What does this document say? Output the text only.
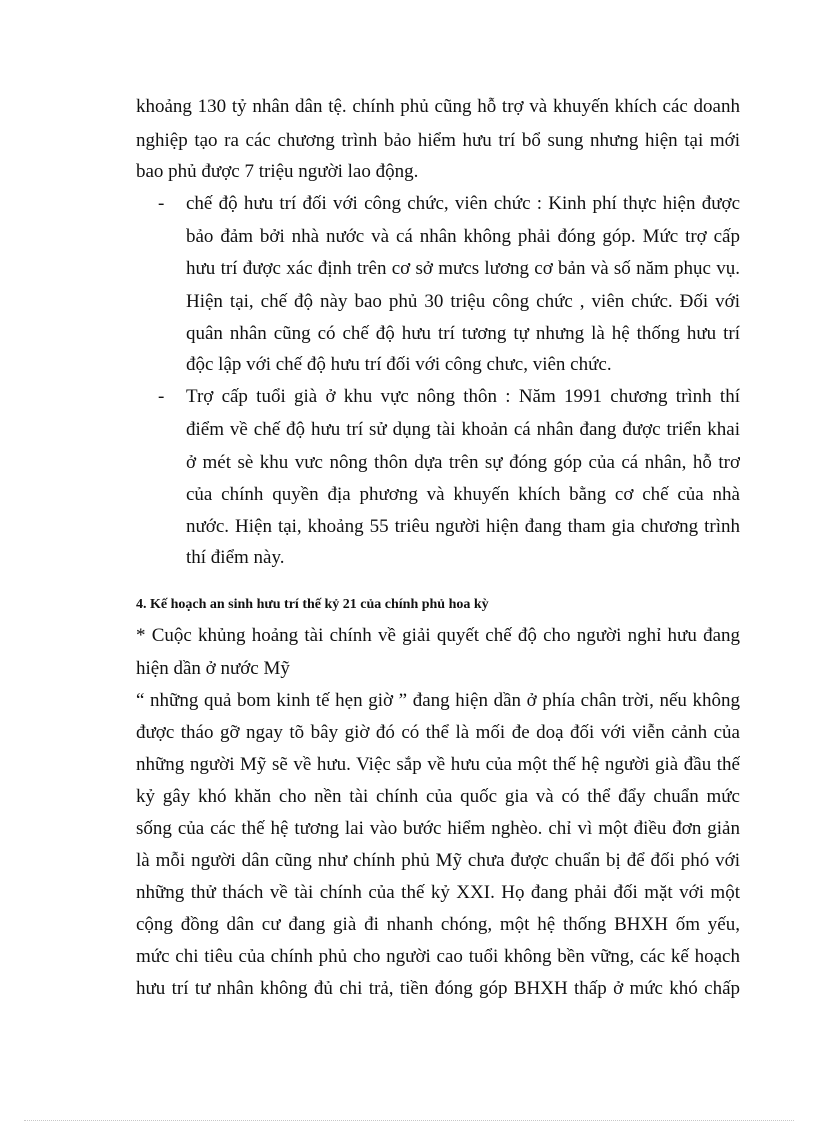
khoảng 130 tỷ nhân dân tệ. chính phủ cũng hỗ trợ và khuyến khích các doanh
nghiệp tạo ra các chương trình bảo hiểm hưu trí bổ sung nhưng hiện tại mới
bao phủ được 7 triệu người lao động.
- chế độ hưu trí đối với công chức, viên chức : Kinh phí thực hiện được
bảo đảm bởi nhà nước và cá nhân không phải đóng góp. Mức trợ cấp
hưu trí được xác định trên cơ sở mưcs lương cơ bản và số năm phục vụ.
Hiện tại, chế độ này bao phủ 30 triệu công chức , viên chức. Đối với
quân nhân cũng có chế độ hưu trí tương tự nhưng là hệ thống hưu trí
độc lập với chế độ hưu trí đối với công chưc, viên chức.
- Trợ cấp tuổi già ở khu vực nông thôn : Năm 1991 chương trình thí
điểm về chế độ hưu trí sử dụng tài khoản cá nhân đang được triển khai
ở mét sè khu vưc nông thôn dựa trên sự đóng góp của cá nhân, hỗ trơ
của chính quyền địa phương và khuyến khích bằng cơ chế của nhà
nước. Hiện tại, khoảng 55 triêu người hiện đang tham gia chương trình
thí điểm này.
4. Kế hoạch an sinh hưu trí thế kỷ 21 của chính phủ hoa kỳ
* Cuộc khủng hoảng tài chính về giải quyết chế độ cho người nghỉ hưu đang
hiện dần ở nước Mỹ
“ những quả bom kinh tế hẹn giờ ” đang hiện dần ở phía chân trời, nếu không
được tháo gỡ ngay tõ bây giờ đó có thể là mối đe doạ đối với viễn cảnh của
những người Mỹ sẽ về hưu. Việc sắp về hưu của một thế hệ người già đầu thế
kỷ gây khó khăn cho nền tài chính của quốc gia và có thể đẩy chuẩn mức
sống của các thế hệ tương lai vào bước hiểm nghèo. chỉ vì một điều đơn giản
là mỗi người dân cũng như chính phủ Mỹ chưa được chuẩn bị để đối phó với
những thử thách về tài chính của thế kỷ XXI. Họ đang phải đối mặt với một
cộng đồng dân cư đang già đi nhanh chóng, một hệ thống BHXH ốm yếu,
mức chi tiêu của chính phủ cho người cao tuổi không bền vững, các kế hoạch
hưu trí tư nhân không đủ chi trả, tiền đóng góp BHXH thấp ở mức khó chấp
